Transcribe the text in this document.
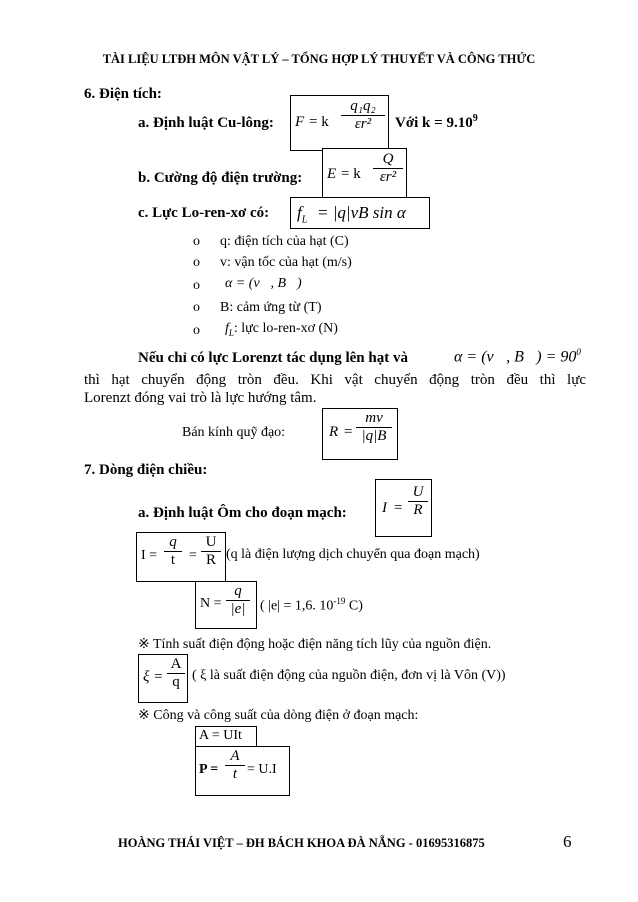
TÀI LIỆU LTĐH MÔN VẬT LÝ – TỔNG HỢP LÝ THUYẾT VÀ CÔNG THỨC
6. Điện tích:
a. Định luật Cu-lông: F = k $\frac{\text{q₁q₂}}{\text{εr²}}$ Với $k = 9.10^9$
b. Cường độ điện trường: E = k $\frac{Q}{\text{εr²}}$
c. Lực Lo-ren-xơ có: $f_L = |q|vB$ sin α
o q: điện tích của hạt (C)
o v: vận tốc của hạt (m/s)
o α = (v⃗, B⃗)
o B: cảm ứng từ (T)
o $f_L$: lực lo-ren-xơ (N)
Nếu chỉ có lực Lorenzt tác dụng lên hạt và	α = (v⃗, B⃗) = $90^0$
thì hạt chuyển động tròn đều. Khi vật chuyển động tròn đều thì lực
Lorenzt đóng vai trò là lực hướng tâm.
Bán kính quỹ đạo:	$R = \frac{mv}{|q|B}$
7. Dòng điện chiều:
a. Định luật Ôm cho đoạn mạch: $I = \frac{U}{R}$
$I = \frac{q}{t} = \frac{U}{R} (q$ là điện lượng dịch chuyển qua đoạn mạch)
$N = \frac{q}{|e|}$ ( |e| = 1,6. $10^{-19}$ C)
※ Tính suất điện động hoặc điện năng tích lũy của nguồn điện.
$\xi = \frac{A}{q}$ ( ξ là suất điện động của nguồn điện, đơn vị là Vôn (V))
※ Công và công suất của dòng điện ở đoạn mạch:
A = UIt
$P = \frac{A}{t} = U.I$
HOÀNG THÁI VIỆT – ĐH BÁCH KHOA ĐÀ NẴNG - 01695316875	6
